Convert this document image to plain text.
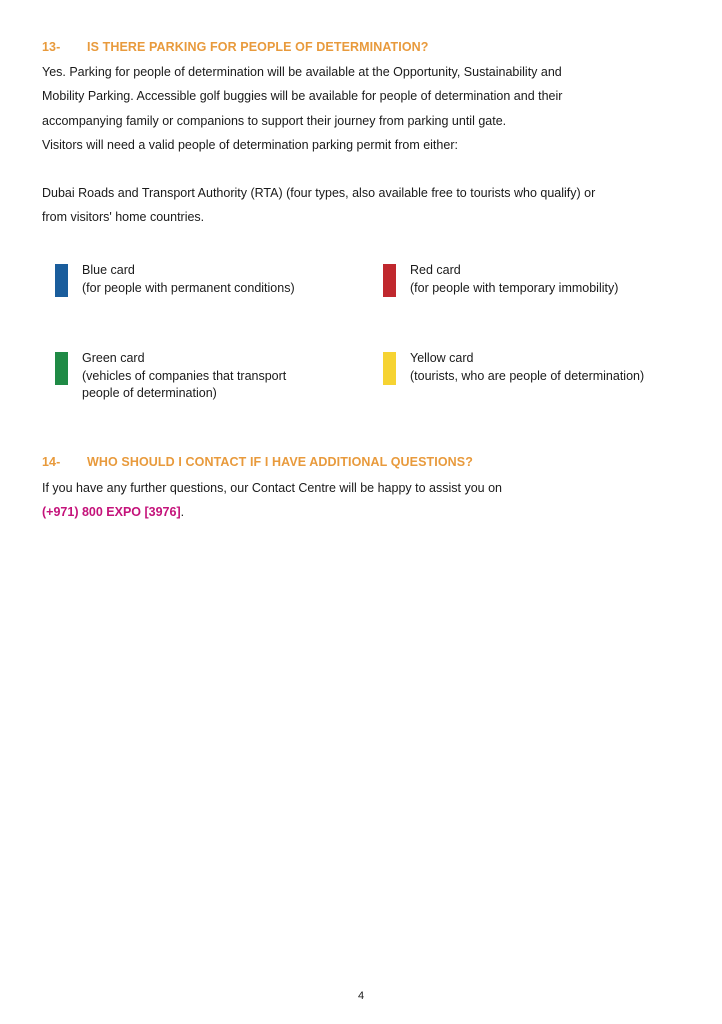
13- IS THERE PARKING FOR PEOPLE OF DETERMINATION?
Yes. Parking for people of determination will be available at the Opportunity, Sustainability and
Mobility Parking. Accessible golf buggies will be available for people of determination and their
accompanying family or companions to support their journey from parking until gate.
Visitors will need a valid people of determination parking permit from either:
Dubai Roads and Transport Authority (RTA) (four types, also available free to tourists who qualify) or
from visitors' home countries.
Blue card
(for people with permanent conditions)
Red card
(for people with temporary immobility)
Green card
(vehicles of companies that transport
people of determination)
Yellow card
(tourists, who are people of determination)
14- WHO SHOULD I CONTACT IF I HAVE ADDITIONAL QUESTIONS?
If you have any further questions, our Contact Centre will be happy to assist you on
(+971) 800 EXPO [3976].
4
